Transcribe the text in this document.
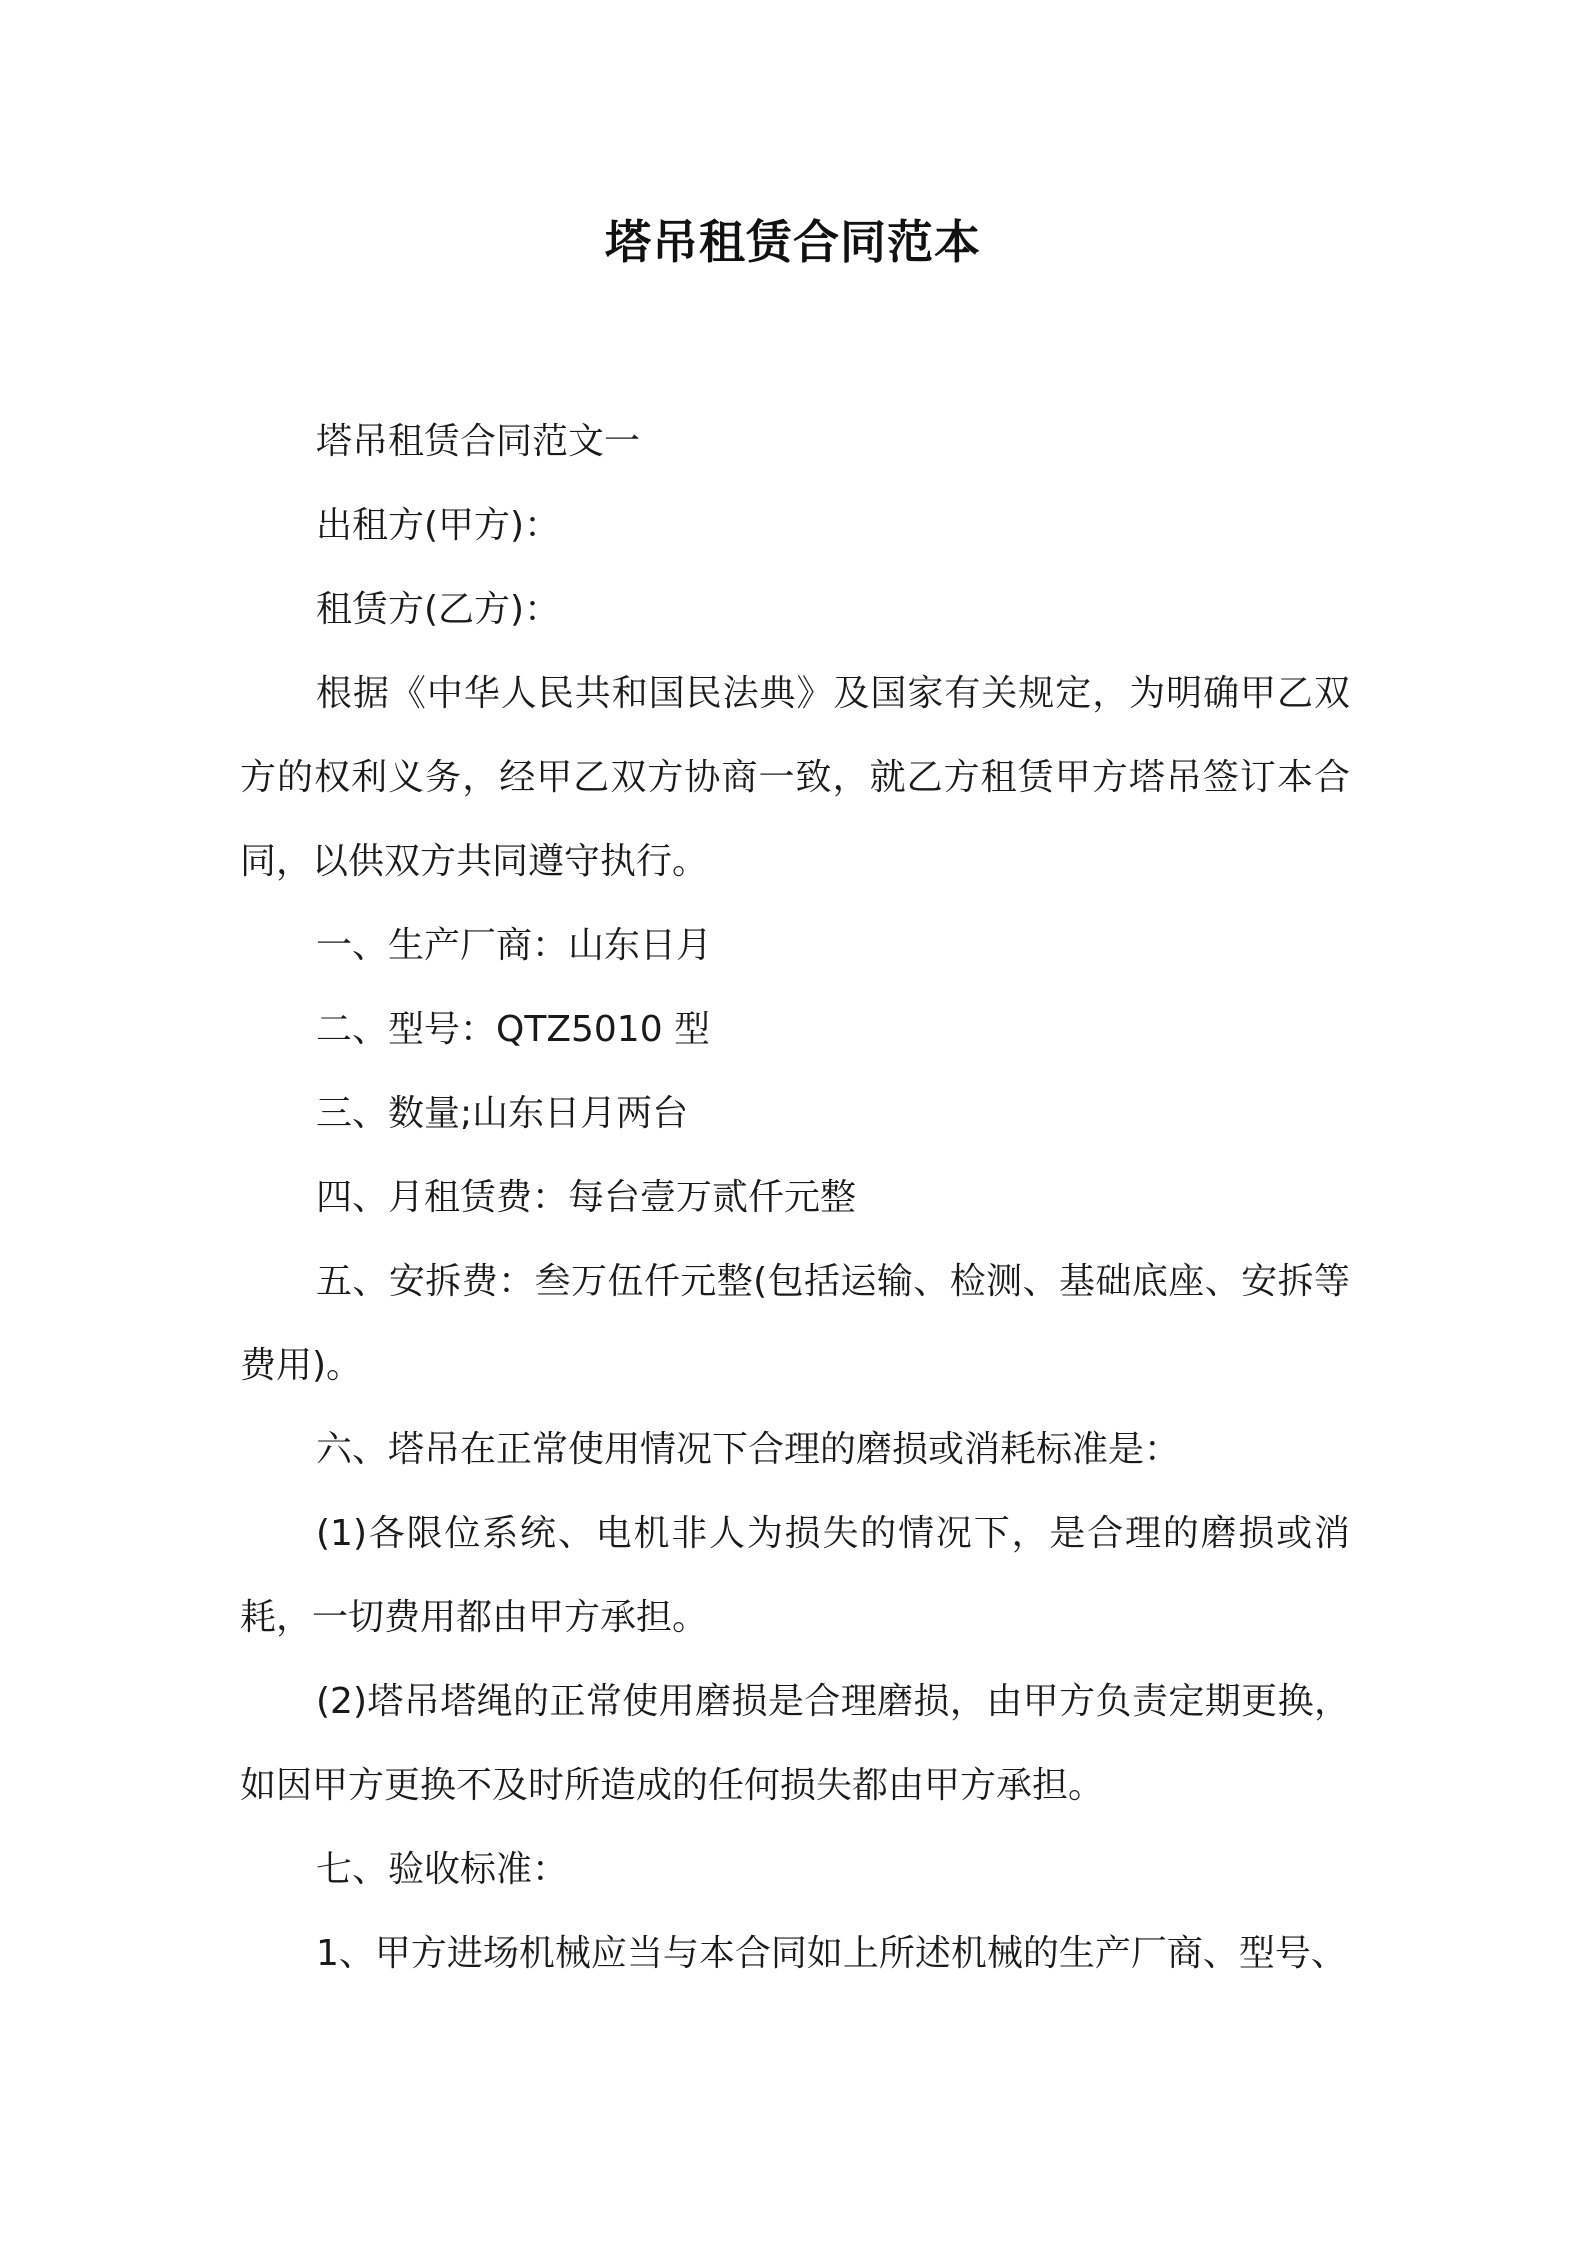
塔吊租赁合同范本

塔吊租赁合同范文一

出租方(甲方)：

租赁方(乙方)：

根据《中华人民共和国民法典》及国家有关规定，为明确甲乙双方的权利义务，经甲乙双方协商一致，就乙方租赁甲方塔吊签订本合同，以供双方共同遵守执行。

一、生产厂商：山东日月

二、型号：QTZ5010 型

三、数量;山东日月两台

四、月租赁费：每台壹万贰仟元整

五、安拆费：叁万伍仟元整(包括运输、检测、基础底座、安拆等费用)。

六、塔吊在正常使用情况下合理的磨损或消耗标准是：

(1)各限位系统、电机非人为损失的情况下，是合理的磨损或消耗，一切费用都由甲方承担。

(2)塔吊塔绳的正常使用磨损是合理磨损，由甲方负责定期更换，如因甲方更换不及时所造成的任何损失都由甲方承担。

七、验收标准：

1、甲方进场机械应当与本合同如上所述机械的生产厂商、型号、
